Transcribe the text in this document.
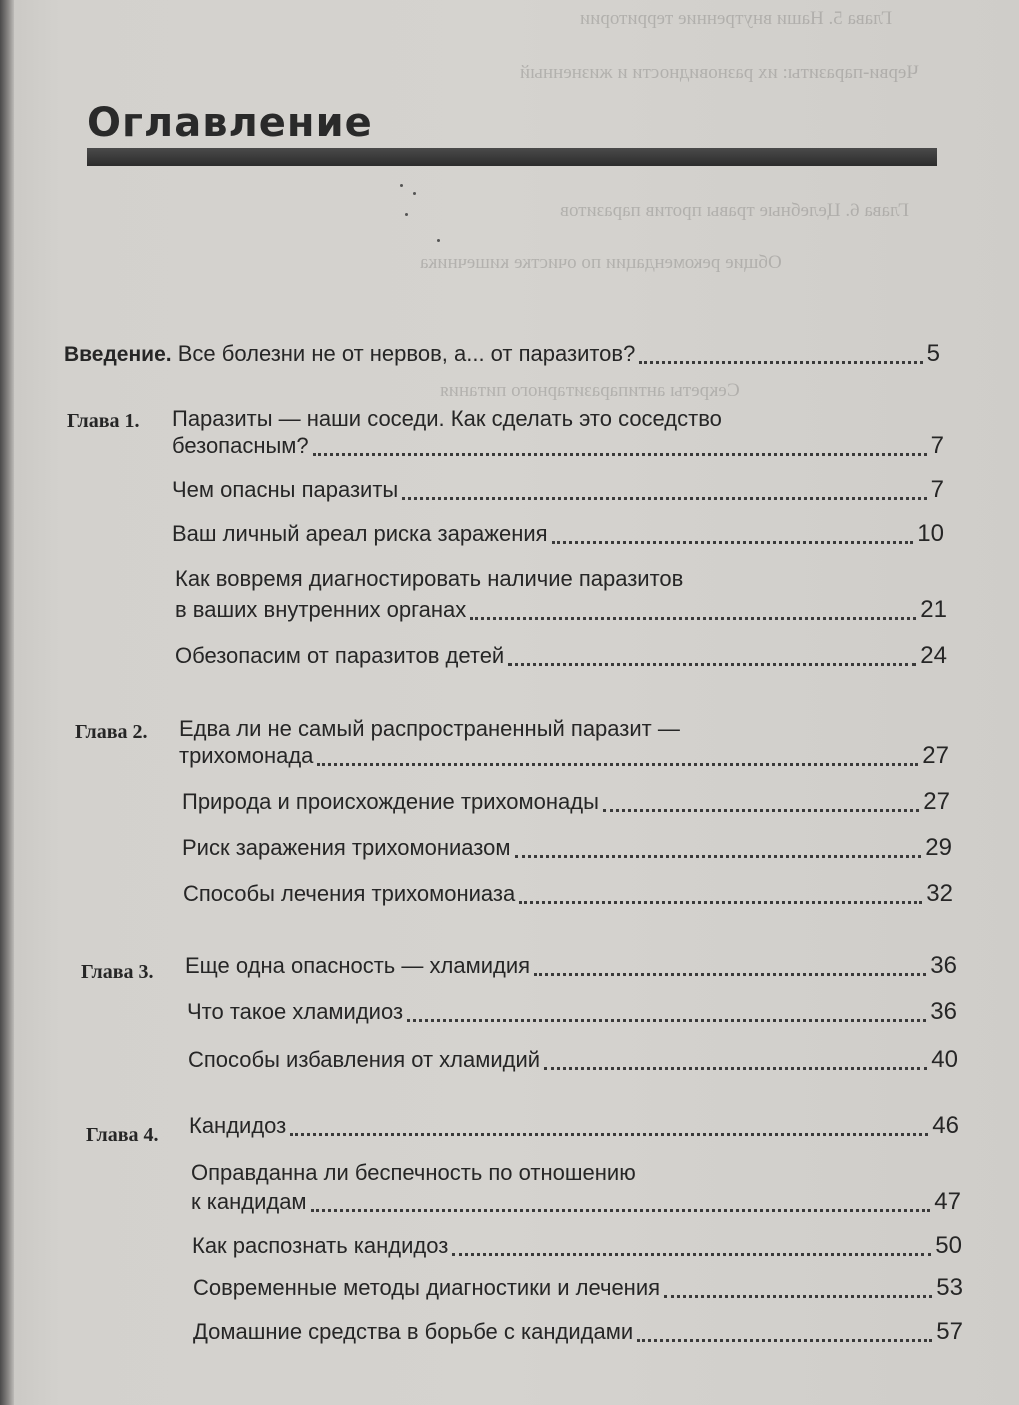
Глава 5. Наши внутренние территории
Черви-паразиты: их разновидности и жизненный
Глава 6. Целебные травы против паразитов
Общие рекомендации по очистке кишечника
Секреты антипаразитарного питания
Оглавление
Введение. Все болезни не от нервов, а... от паразитов?	5
Глава 1. Паразиты — наши соседи. Как сделать это соседство
безопасным?	7
Чем опасны паразиты	7
Ваш личный ареал риска заражения	10
Как вовремя диагностировать наличие паразитов
в ваших внутренних органах	21
Обезопасим от паразитов детей	24
Глава 2. Едва ли не самый распространенный паразит —
трихомонада	27
Природа и происхождение трихомонады	27
Риск заражения трихомониазом	29
Способы лечения трихомониаза	32
Глава 3. Еще одна опасность — хламидия	36
Что такое хламидиоз	36
Способы избавления от хламидий	40
Глава 4. Кандидоз	46
Оправданна ли беспечность по отношению
к кандидам	47
Как распознать кандидоз	50
Современные методы диагностики и лечения	53
Домашние средства в борьбе с кандидами	57
